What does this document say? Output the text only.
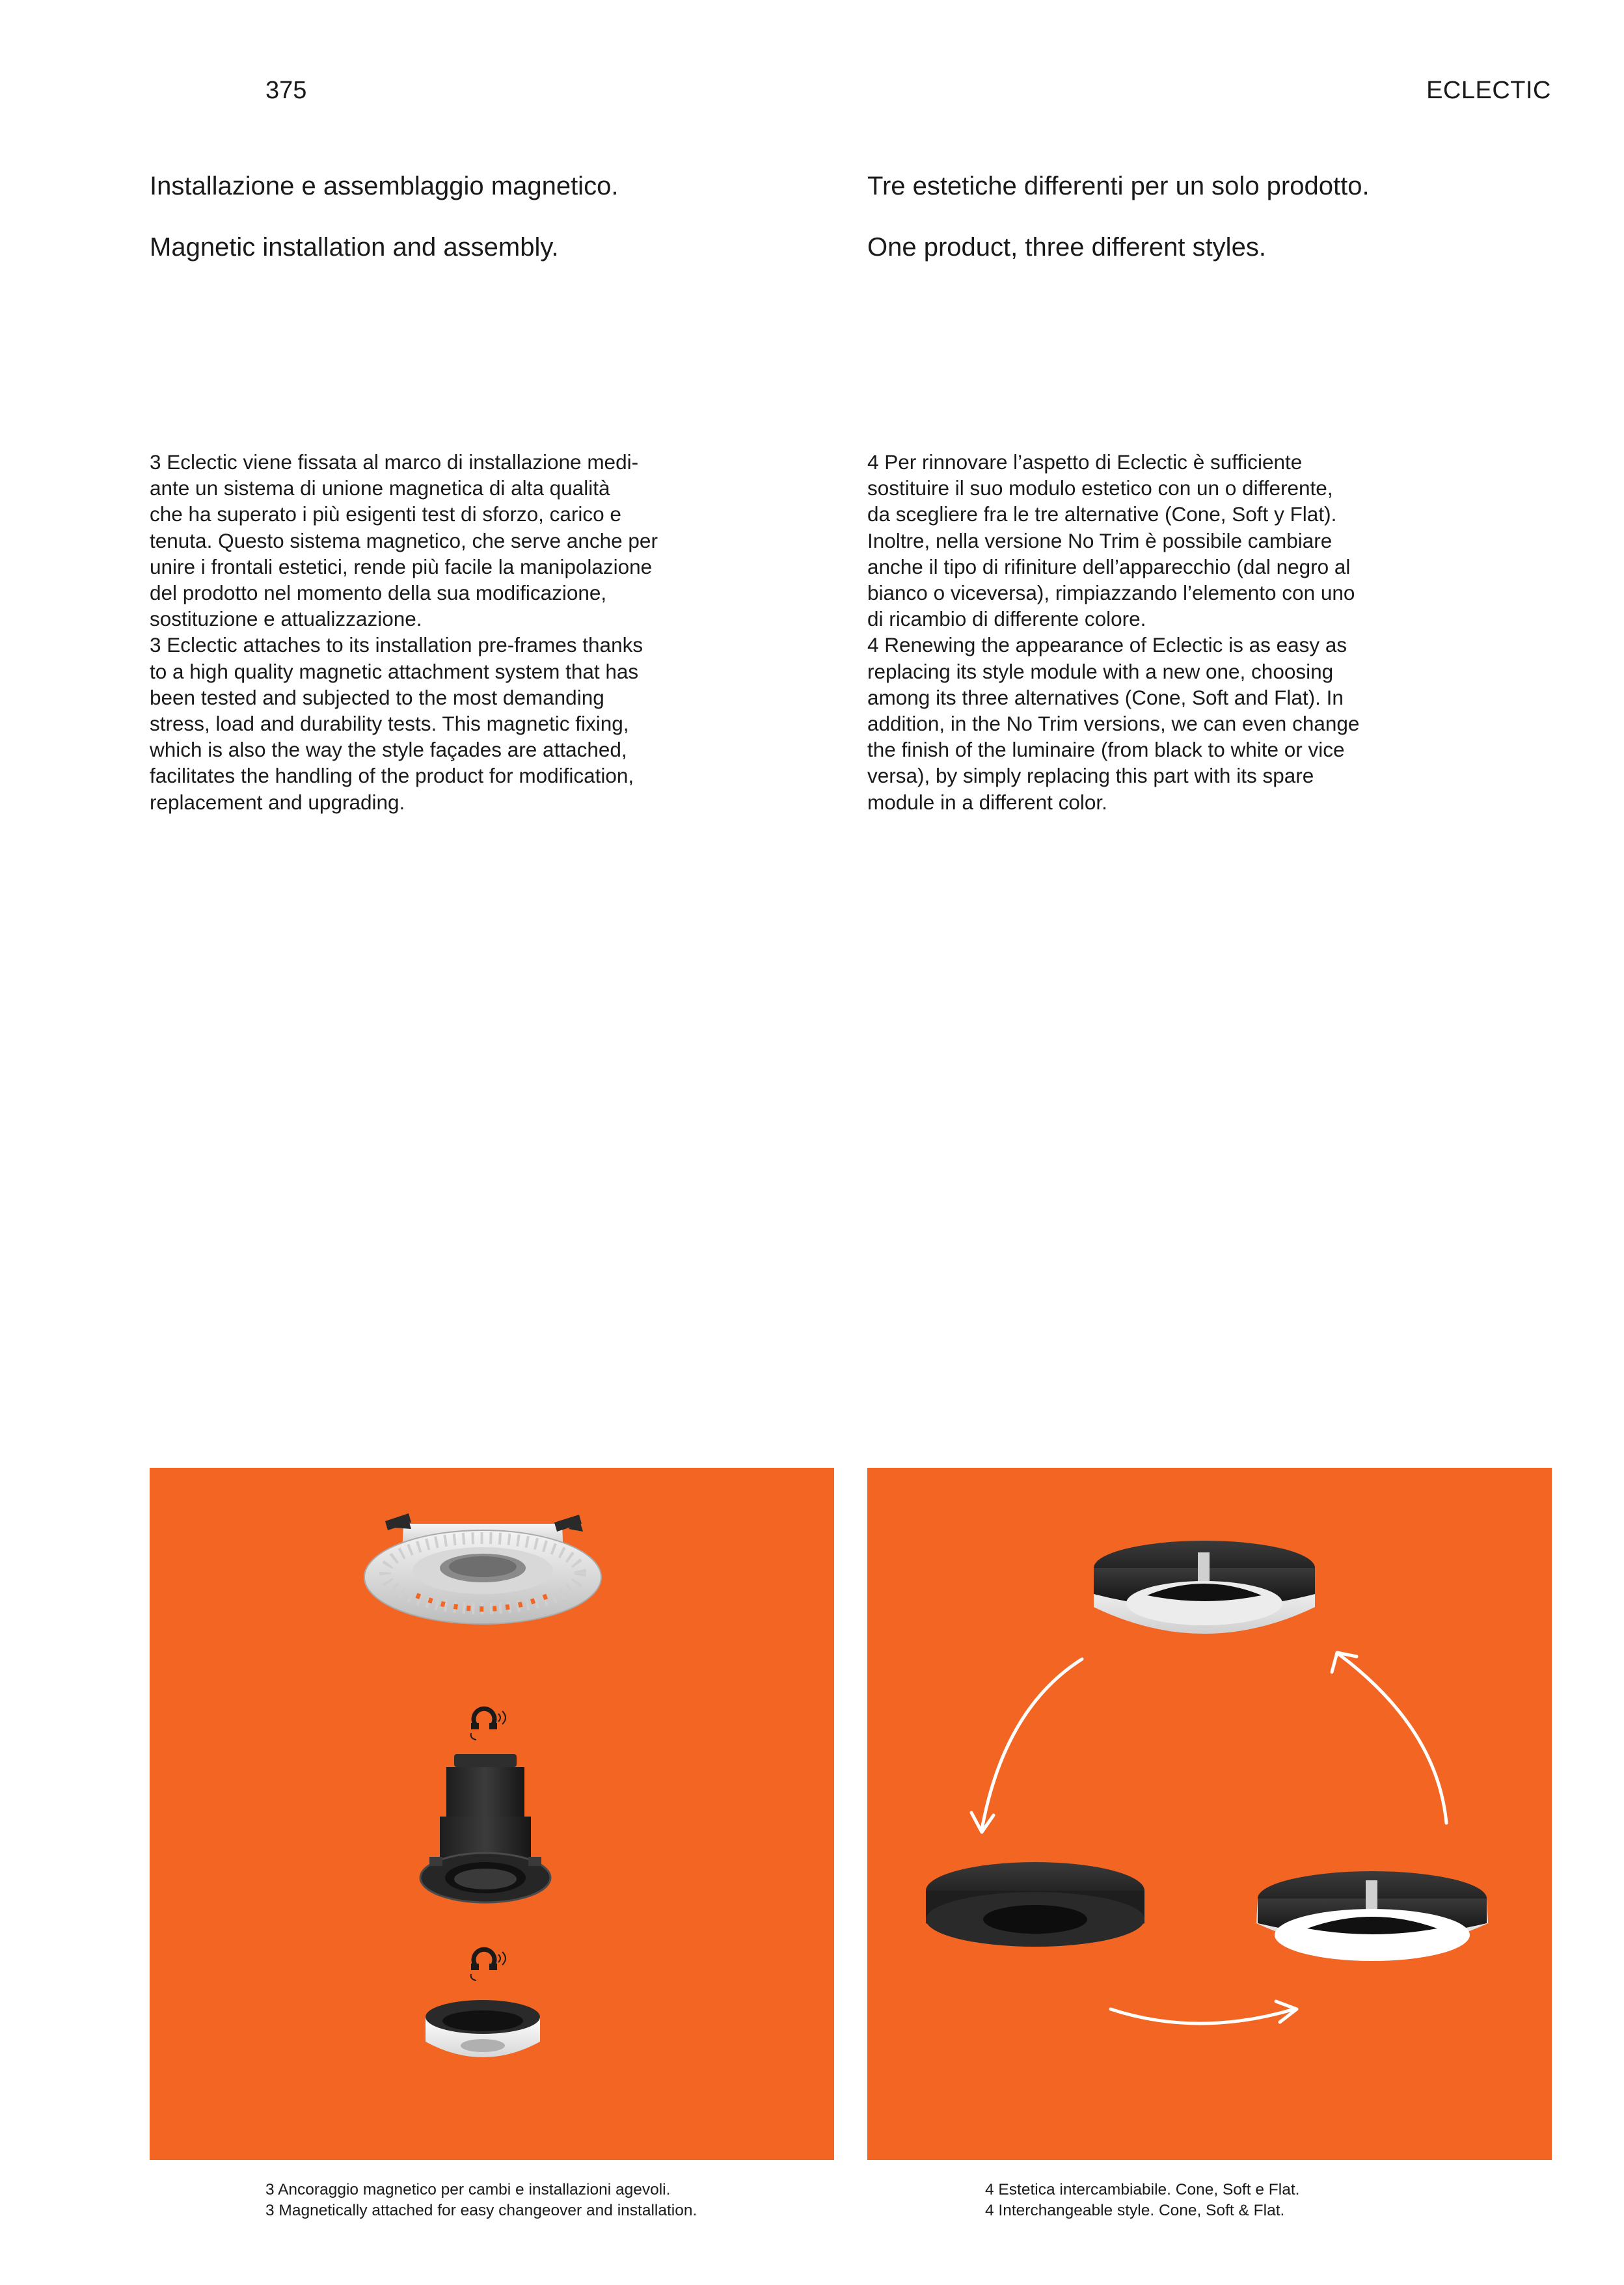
375	ECLECTIC

Installazione e assemblaggio magnetico.

Magnetic installation and assembly.

Tre estetiche differenti per un solo prodotto.

One product, three different styles.

3 Eclectic viene fissata al marco di installazione medi-
ante un sistema di unione magnetica di alta qualità
che ha superato i più esigenti test di sforzo, carico e
tenuta. Questo sistema magnetico, che serve anche per
unire i frontali estetici, rende più facile la manipolazione
del prodotto nel momento della sua modificazione,
sostituzione e attualizzazione.

3 Eclectic attaches to its installation pre-frames thanks
to a high quality magnetic attachment system that has
been tested and subjected to the most demanding
stress, load and durability tests. This magnetic fixing,
which is also the way the style façades are attached,
facilitates the handling of the product for modification,
replacement and upgrading.

4 Per rinnovare l’aspetto di Eclectic è sufficiente
sostituire il suo modulo estetico con un o differente,
da scegliere fra le tre alternative (Cone, Soft y Flat).
Inoltre, nella versione No Trim è possibile cambiare
anche il tipo di rifiniture dell’apparecchio (dal negro al
bianco o viceversa), rimpiazzando l’elemento con uno
di ricambio di differente colore.

4 Renewing the appearance of Eclectic is as easy as
replacing its style module with a new one, choosing
among its three alternatives (Cone, Soft and Flat). In
addition, in the No Trim versions, we can even change
the finish of the luminaire (from black to white or vice
versa), by simply replacing this part with its spare
module in a different color.

3 Ancoraggio magnetico per cambi e installazioni agevoli.

3 Magnetically attached for easy changeover and installation.

4 Estetica intercambiabile. Cone, Soft e Flat.

4 Interchangeable style. Cone, Soft & Flat.
